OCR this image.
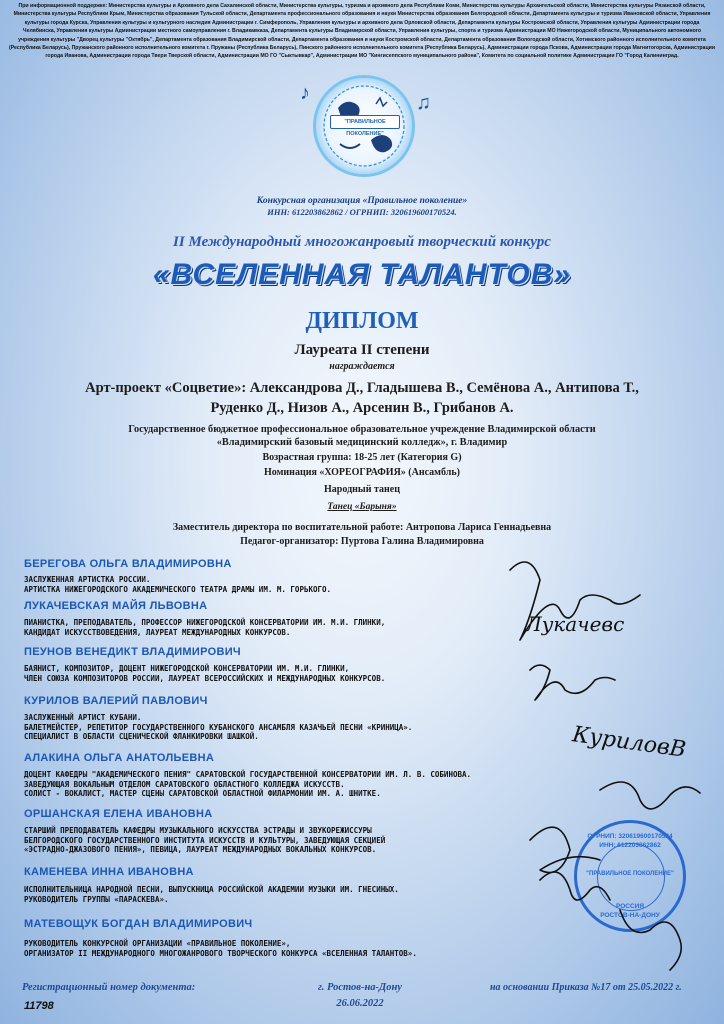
При информационной поддержке: Министерства культуры и Архивного дела Сахалинской области, Министерства культуры, туризма и архивного дела Республики Коми, Министерства культуры Архангельской области, Министерства культуры Рязанской области, Министерства культуры Республики Крым, Министерства образования Тульской области, Департамента профессионального образования и науки Министерства образования Белгородской области, Департамента культуры и туризма Ивановской области, Управления культуры города Курска, Управления культуры и культурного наследия Администрации г. Симферополь, Управления культуры и архивного дела Орловской области, Департамента культуры Костромской области, Управления культуры Администрации города Челябинска, Управления культуры Администрации местного самоуправления г. Владикавказа, Департамента культуры Владимирской области, Управления культуры, спорта и туризма Администрации МО Нижегородской области, Муниципального автономного учреждения культуры "Дворец культуры "Октябрь", Департамента образования Владимирской области, Департамента образования и науки Костромской области, Департамента образования Вологодской области, Хотимского районного исполнительного комитета (Республика Беларусь), Пружанского районного исполнительного комитета г. Пружаны (Республика Беларусь), Пинского районного исполнительного комитета (Республика Беларусь), Администрации города Пскова, Администрации города Магнитогорска, Администрации города Иванова, Администрации города Твери Тверской области, Администрации МО ГО "Сыктывкар", Администрации МО "Кингисеппского муниципального района", Комитета по социальной политике Администрации ГО "Город Калининград.
"ПРАВИЛЬНОЕ ПОКОЛЕНИЕ"
♪	♫
Конкурсная организация «Правильное поколение»
ИНН: 612203862862 / ОГРНИП: 320619600170524.
II Международный многожанровый творческий конкурс
«ВСЕЛЕННАЯ ТАЛАНТОВ»
ДИПЛОМ
Лауреата II степени
награждается
Арт-проект «Соцветие»: Александрова Д., Гладышева В., Семёнова А., Антипова Т.,
Руденко Д., Низов А., Арсенин В., Грибанов А.
Государственное бюджетное профессиональное образовательное учреждение Владимирской области
«Владимирский базовый медицинский колледж», г. Владимир
Возрастная группа: 18-25 лет (Категория G)
Номинация «ХОРЕОГРАФИЯ» (Ансамбль)
Народный танец
Танец «Барыня»
Заместитель директора по воспитательной работе: Антропова Лариса Геннадьевна
Педагог-организатор: Пуртова Галина Владимировна
БЕРЕГОВА ОЛЬГА ВЛАДИМИРОВНА
ЗАСЛУЖЕННАЯ АРТИСТКА РОССИИ.
АРТИСТКА НИЖЕГОРОДСКОГО АКАДЕМИЧЕСКОГО ТЕАТРА ДРАМЫ ИМ. М. ГОРЬКОГО.
ЛУКАЧЕВСКАЯ МАЙЯ ЛЬВОВНА
ПИАНИСТКА, ПРЕПОДАВАТЕЛЬ, ПРОФЕССОР НИЖЕГОРОДСКОЙ КОНСЕРВАТОРИИ ИМ. М.И. ГЛИНКИ,
КАНДИДАТ ИСКУССТВОВЕДЕНИЯ, ЛАУРЕАТ МЕЖДУНАРОДНЫХ КОНКУРСОВ.
ПЕУНОВ ВЕНЕДИКТ ВЛАДИМИРОВИЧ
БАЯНИСТ, КОМПОЗИТОР, ДОЦЕНТ НИЖЕГОРОДСКОЙ КОНСЕРВАТОРИИ ИМ. М.И. ГЛИНКИ,
ЧЛЕН СОЮЗА КОМПОЗИТОРОВ РОССИИ, ЛАУРЕАТ ВСЕРОССИЙСКИХ И МЕЖДУНАРОДНЫХ КОНКУРСОВ.
КУРИЛОВ ВАЛЕРИЙ ПАВЛОВИЧ
ЗАСЛУЖЕННЫЙ АРТИСТ КУБАНИ.
БАЛЕТМЕЙСТЕР, РЕПЕТИТОР ГОСУДАРСТВЕННОГО КУБАНСКОГО АНСАМБЛЯ КАЗАЧЬЕЙ ПЕСНИ «КРИНИЦА».
СПЕЦИАЛИСТ В ОБЛАСТИ СЦЕНИЧЕСКОЙ ФЛАНКИРОВКИ ШАШКОЙ.
АЛАКИНА ОЛЬГА АНАТОЛЬЕВНА
ДОЦЕНТ КАФЕДРЫ "АКАДЕМИЧЕСКОГО ПЕНИЯ" САРАТОВСКОЙ ГОСУДАРСТВЕННОЙ КОНСЕРВАТОРИИ ИМ. Л. В. СОБИНОВА.
ЗАВЕДУЮЩАЯ ВОКАЛЬНЫМ ОТДЕЛОМ САРАТОВСКОГО ОБЛАСТНОГО КОЛЛЕДЖА ИСКУССТВ.
СОЛИСТ - ВОКАЛИСТ, МАСТЕР СЦЕНЫ САРАТОВСКОЙ ОБЛАСТНОЙ ФИЛАРМОНИИ ИМ. А. ШНИТКЕ.
ОРШАНСКАЯ ЕЛЕНА ИВАНОВНА
СТАРШИЙ ПРЕПОДАВАТЕЛЬ КАФЕДРЫ МУЗЫКАЛЬНОГО ИСКУССТВА ЭСТРАДЫ И ЗВУКОРЕЖИССУРЫ
БЕЛГОРОДСКОГО ГОСУДАРСТВЕННОГО ИНСТИТУТА ИСКУССТВ И КУЛЬТУРЫ, ЗАВЕДУЮЩАЯ СЕКЦИЕЙ
«ЭСТРАДНО-ДЖАЗОВОГО ПЕНИЯ», ПЕВИЦА, ЛАУРЕАТ МЕЖДУНАРОДНЫХ ВОКАЛЬНЫХ КОНКУРСОВ.
КАМЕНЕВА ИННА ИВАНОВНА
ИСПОЛНИТЕЛЬНИЦА НАРОДНОЙ ПЕСНИ, ВЫПУСКНИЦА РОССИЙСКОЙ АКАДЕМИИ МУЗЫКИ ИМ. ГНЕСИНЫХ.
РУКОВОДИТЕЛЬ ГРУППЫ «ПАРАСКЕВА».
МАТЕВОЩУК БОГДАН ВЛАДИМИРОВИЧ
РУКОВОДИТЕЛЬ КОНКУРСНОЙ ОРГАНИЗАЦИИ «ПРАВИЛЬНОЕ ПОКОЛЕНИЕ»,
ОРГАНИЗАТОР II МЕЖДУНАРОДНОГО МНОГОЖАНРОВОГО ТВОРЧЕСКОГО КОНКУРСА «ВСЕЛЕННАЯ ТАЛАНТОВ».
ОГРНИП: 320619600170524
ИНН: 612203862862
"ПРАВИЛЬНОЕ ПОКОЛЕНИЕ"
РОССИЯ
РОСТОВ-НА-ДОНУ
Лукачевс
КуриловВ
Регистрационный номер документа:
11798
г. Ростов-на-Дону
26.06.2022
на основании Приказа №17 от 25.05.2022 г.
